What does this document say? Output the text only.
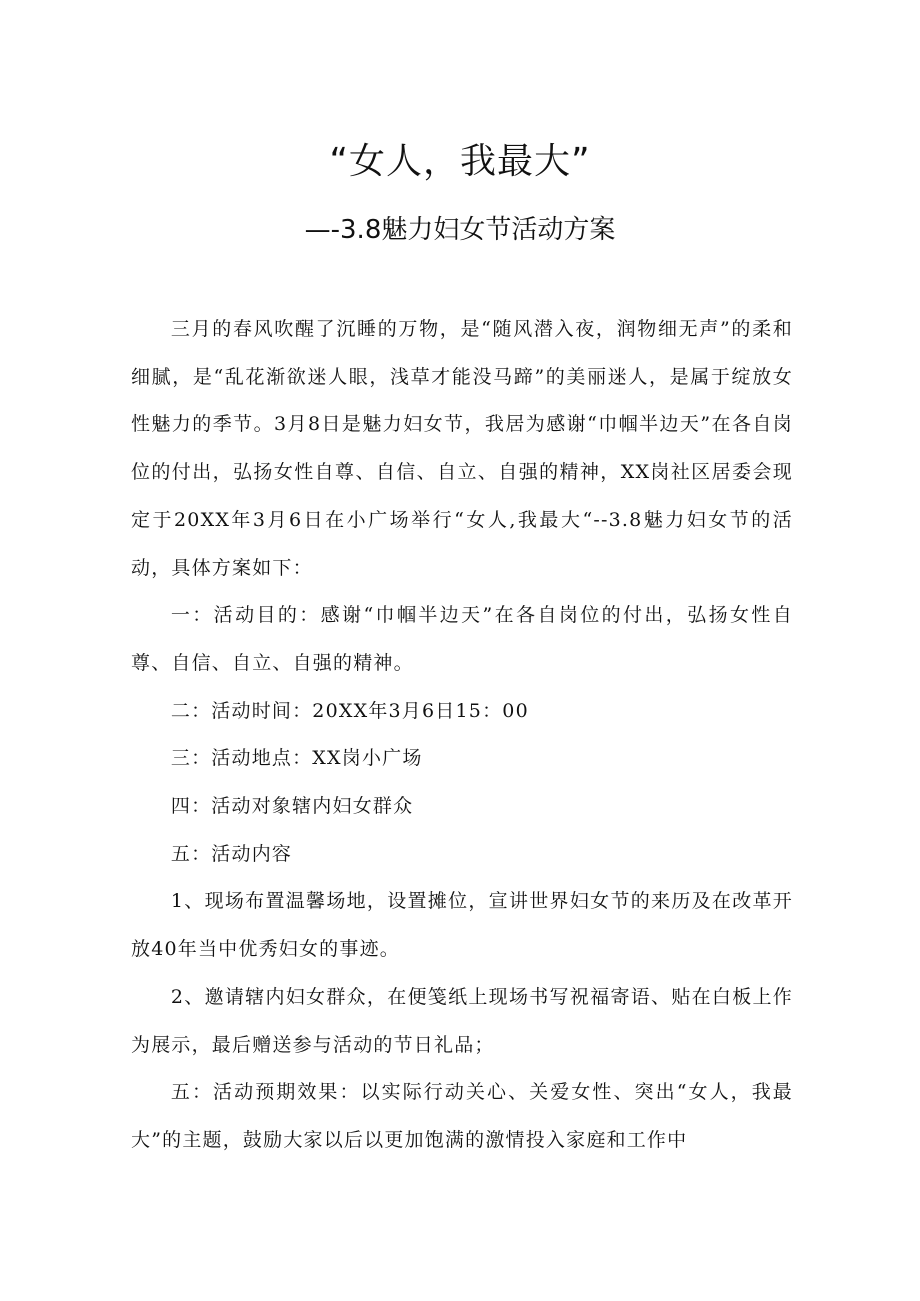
“女人，我最大”
—-3.8魅力妇女节活动方案

三月的春风吹醒了沉睡的万物，是“随风潜入夜，润物细无声”的柔和细腻，是“乱花渐欲迷人眼，浅草才能没马蹄”的美丽迷人，是属于绽放女性魅力的季节。3月8日是魅力妇女节，我居为感谢“巾帼半边天”在各自岗位的付出，弘扬女性自尊、自信、自立、自强的精神，XX岗社区居委会现定于20XX年3月6日在小广场举行“女人,我最大“--3.8魅力妇女节的活动，具体方案如下：

一：活动目的：感谢“巾帼半边天”在各自岗位的付出，弘扬女性自尊、自信、自立、自强的精神。

二：活动时间：20XX年3月6日15：00

三：活动地点：XX岗小广场

四：活动对象辖内妇女群众

五：活动内容

1、现场布置温馨场地，设置摊位，宣讲世界妇女节的来历及在改革开放40年当中优秀妇女的事迹。

2、邀请辖内妇女群众，在便笺纸上现场书写祝福寄语、贴在白板上作为展示，最后赠送参与活动的节日礼品；

五：活动预期效果：以实际行动关心、关爱女性、突出“女人，我最大”的主题，鼓励大家以后以更加饱满的激情投入家庭和工作中
